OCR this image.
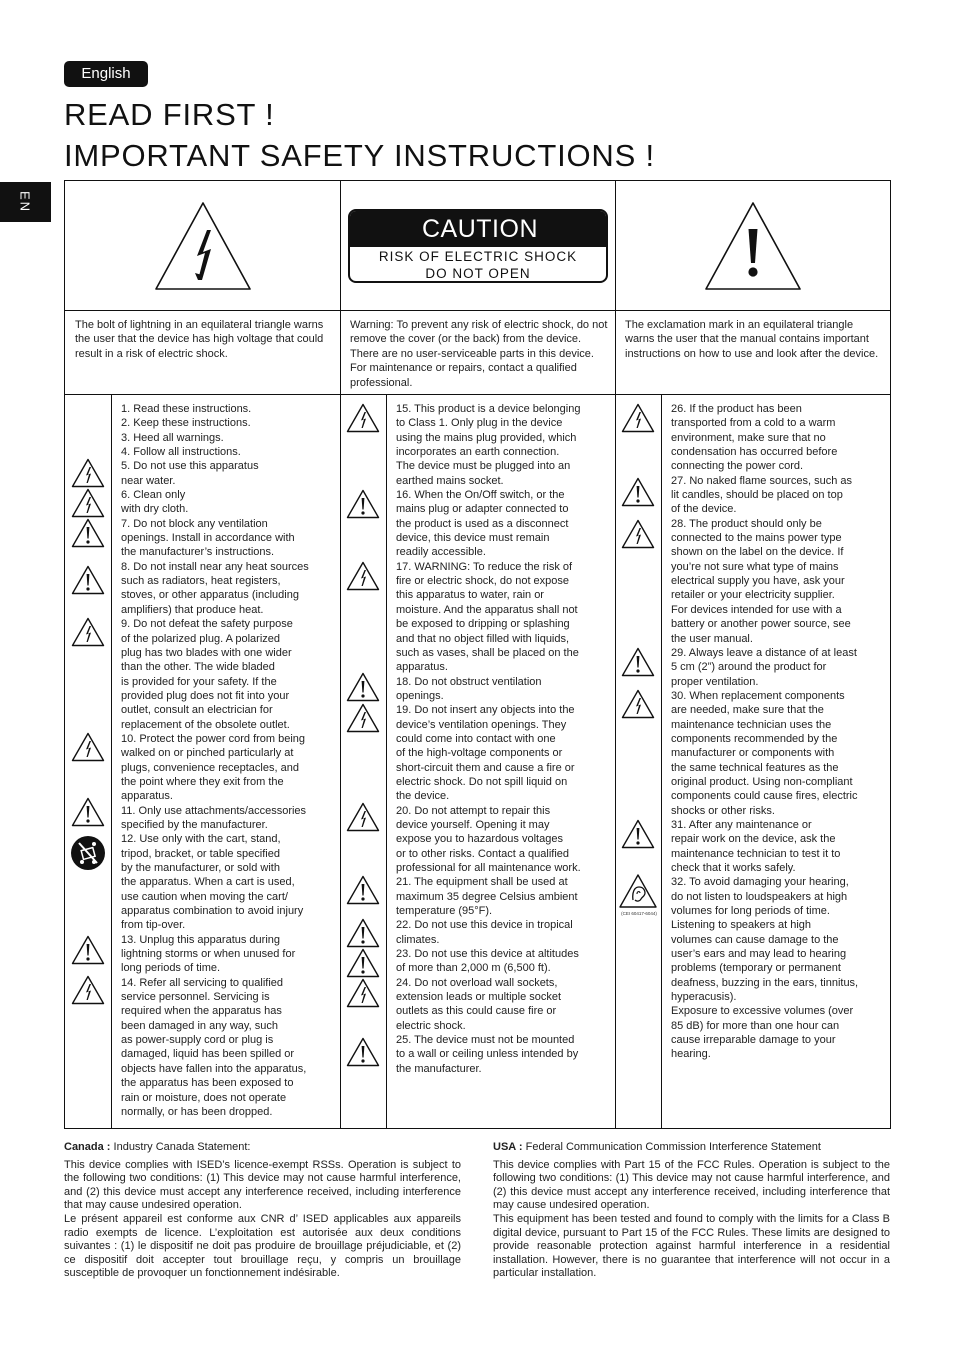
English
READ FIRST !
IMPORTANT SAFETY INSTRUCTIONS !
EN
CAUTION
RISK OF ELECTRIC SHOCK
DO NOT OPEN
The bolt of lightning in an equilateral triangle warns the user that the device has high voltage that could result in a risk of electric shock.
Warning: To prevent any risk of electric shock, do not remove the cover (or the back) from the device. There are no user-serviceable parts in this device. For maintenance or repairs, contact a qualified professional.
The exclamation mark in an equilateral triangle warns the user that the manual contains important instructions on how to use and look after the device.
1. Read these instructions.
2. Keep these instructions.
3. Heed all warnings.
4. Follow all instructions.
5. Do not use this apparatus
near water.
6. Clean only
with dry cloth.
7. Do not block any ventilation
openings. Install in accordance with
the manufacturer’s instructions.
8. Do not install near any heat sources
such as radiators, heat registers,
stoves, or other apparatus (including
amplifiers) that produce heat.
9. Do not defeat the safety purpose
of the polarized plug. A polarized
plug has two blades with one wider
than the other. The wide bladed
is provided for your safety. If the
provided plug does not fit into your
outlet, consult an electrician for
replacement of the obsolete outlet.
10. Protect the power cord from being
walked on or pinched particularly at
plugs, convenience receptacles, and
the point where they exit from the
apparatus.
11. Only use attachments/accessories
specified by the manufacturer.
12. Use only with the cart, stand,
tripod, bracket, or table specified
by the manufacturer, or sold with
the apparatus. When a cart is used,
use caution when moving the cart/
apparatus combination to avoid injury
from tip-over.
13. Unplug this apparatus during
lightning storms or when unused for
long periods of time.
14. Refer all servicing to qualified
service personnel. Servicing is
required when the apparatus has
been damaged in any way, such
as power-supply cord or plug is
damaged, liquid has been spilled or
objects have fallen into the apparatus,
the apparatus has been exposed to
rain or moisture, does not operate
normally, or has been dropped.
15. This product is a device belonging
to Class 1. Only plug in the device
using the mains plug provided, which
incorporates an earth connection.
The device must be plugged into an
earthed mains socket.
16. When the On/Off switch, or the
mains plug or adapter connected to
the product is used as a disconnect
device, this device must remain
readily accessible.
17. WARNING: To reduce the risk of
fire or electric shock, do not expose
this apparatus to water, rain or
moisture. And the apparatus shall not
be exposed to dripping or splashing
and that no object filled with liquids,
such as vases, shall be placed on the
apparatus.
18. Do not obstruct ventilation
openings.
19. Do not insert any objects into the
device’s ventilation openings. They
could come into contact with one
of the high-voltage components or
short-circuit them and cause a fire or
electric shock. Do not spill liquid on
the device.
20. Do not attempt to repair this
device yourself. Opening it may
expose you to hazardous voltages
or to other risks. Contact a qualified
professional for all maintenance work.
21. The equipment shall be used at
maximum 35 degree Celsius ambient
temperature (95°F).
22. Do not use this device in tropical
climates.
23. Do not use this device at altitudes
of more than 2,000 m (6,500 ft).
24. Do not overload wall sockets,
extension leads or multiple socket
outlets as this could cause fire or
electric shock.
25. The device must not be mounted
to a wall or ceiling unless intended by
the manufacturer.
(CEI 60417-6044)
26. If the product has been
transported from a cold to a warm
environment, make sure that no
condensation has occurred before
connecting the power cord.
27. No naked flame sources, such as
lit candles, should be placed on top
of the device.
28. The product should only be
connected to the mains power type
shown on the label on the device. If
you’re not sure what type of mains
electrical supply you have, ask your
retailer or your electricity supplier.
For devices intended for use with a
battery or another power source, see
the user manual.
29. Always leave a distance of at least
5 cm (2”) around the product for
proper ventilation.
30. When replacement components
are needed, make sure that the
maintenance technician uses the
components recommended by the
manufacturer or components with
the same technical features as the
original product. Using non-compliant
components could cause fires, electric
shocks or other risks.
31. After any maintenance or
repair work on the device, ask the
maintenance technician to test it to
check that it works safely.
32. To avoid damaging your hearing,
do not listen to loudspeakers at high
volumes for long periods of time.
Listening to speakers at high
volumes can cause damage to the
user’s ears and may lead to hearing
problems (temporary or permanent
deafness, buzzing in the ears, tinnitus,
hyperacusis).
Exposure to excessive volumes (over
85 dB) for more than one hour can
cause irreparable damage to your
hearing.

Canada : Industry Canada Statement:

This device complies with ISED’s licence-exempt RSSs. Operation is subject to the following two conditions: (1) This device may not cause harmful interference, and (2) this device must accept any interference received, including interference that may cause undesired operation.

Le présent appareil est conforme aux CNR d’ ISED applicables aux appareils radio exempts de licence. L’exploitation est autorisée aux deux conditions suivantes : (1) le dispositif ne doit pas produire de brouillage préjudiciable, et (2) ce dispositif doit accepter tout brouillage reçu, y compris un brouillage susceptible de provoquer un fonctionnement indésirable.

USA : Federal Communication Commission Interference Statement

This device complies with Part 15 of the FCC Rules. Operation is subject to the following two conditions: (1) This device may not cause harmful interference, and (2) this device must accept any interference received, including interference that may cause undesired operation.

This equipment has been tested and found to comply with the limits for a Class B digital device, pursuant to Part 15 of the FCC Rules. These limits are designed to provide reasonable protection against harmful interference in a residential installation. However, there is no guarantee that interference will not occur in a particular installation.
